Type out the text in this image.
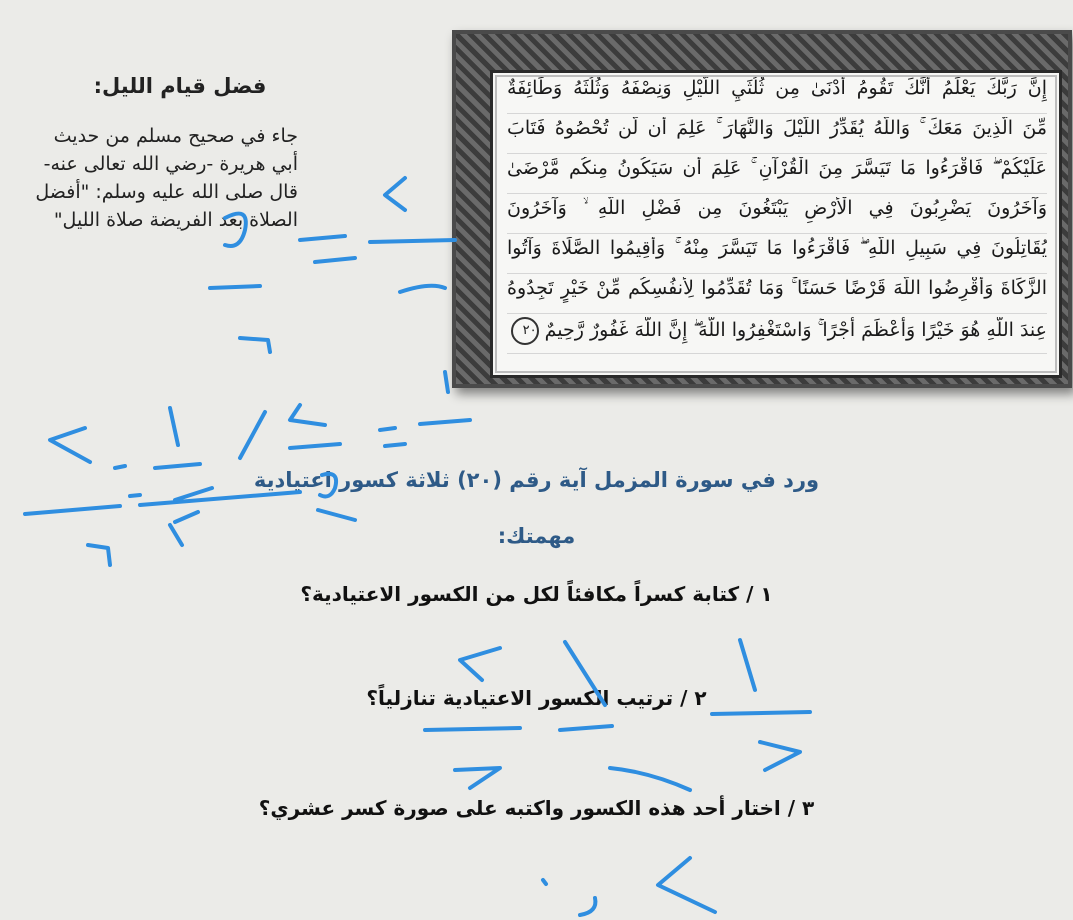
فضل قيام الليل:
جاء في صحيح مسلم من حديث
أبي هريرة -رضي الله تعالى عنه-
قال صلى الله عليه وسلم: "أفضل
الصلاة بعد الفريضة صلاة الليل"
إِنَّ رَبَّكَ يَعْلَمُ أَنَّكَ تَقُومُ أَدْنَىٰ مِن ثُلُثَيِ اللَّيْلِ وَنِصْفَهُ وَثُلُثَهُ وَطَائِفَةٌ
مِّنَ الَّذِينَ مَعَكَ ۚ وَاللَّهُ يُقَدِّرُ اللَّيْلَ وَالنَّهَارَ ۚ عَلِمَ أَن لَّن تُحْصُوهُ فَتَابَ
عَلَيْكُمْ ۖ فَاقْرَءُوا مَا تَيَسَّرَ مِنَ الْقُرْآنِ ۚ عَلِمَ أَن سَيَكُونُ مِنكُم مَّرْضَىٰ
وَآخَرُونَ يَضْرِبُونَ فِي الْأَرْضِ يَبْتَغُونَ مِن فَضْلِ اللَّهِ ۙ وَآخَرُونَ
يُقَاتِلُونَ فِي سَبِيلِ اللَّهِ ۖ فَاقْرَءُوا مَا تَيَسَّرَ مِنْهُ ۚ وَأَقِيمُوا الصَّلَاةَ وَآتُوا
الزَّكَاةَ وَأَقْرِضُوا اللَّهَ قَرْضًا حَسَنًا ۚ وَمَا تُقَدِّمُوا لِأَنفُسِكُم مِّنْ خَيْرٍ تَجِدُوهُ
عِندَ اللَّهِ هُوَ خَيْرًا وَأَعْظَمَ أَجْرًا ۚ وَاسْتَغْفِرُوا اللَّهَ ۖ إِنَّ اللَّهَ غَفُورٌ رَّحِيمٌ ٢٠
ورد في سورة المزمل آية رقم (٢٠) ثلاثة كسور اعتيادية
مهمتك:
١ / كتابة كسراً مكافئاً لكل من الكسور الاعتيادية؟
٢ / ترتيب الكسور الاعتيادية تنازلياً؟
٣ / اختار أحد هذه الكسور واكتبه على صورة كسر عشري؟
